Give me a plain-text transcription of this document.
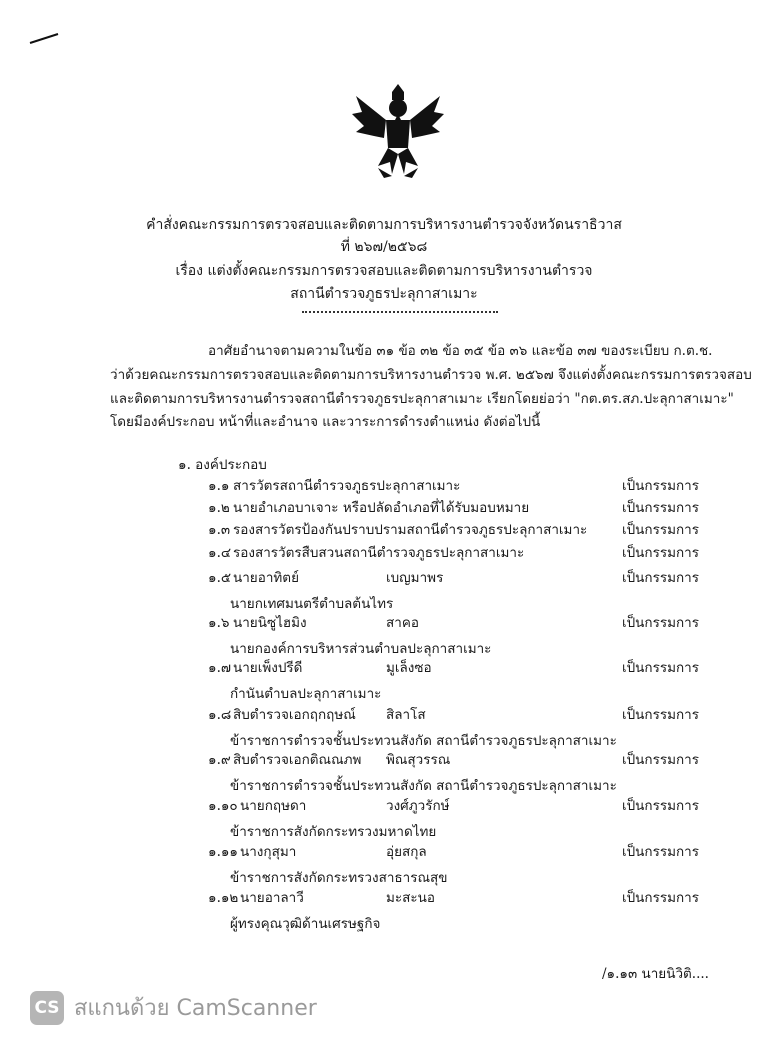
คำสั่งคณะกรรมการตรวจสอบและติดตามการบริหารงานตำรวจจังหวัดนราธิวาส
ที่ ๒๖๗/๒๕๖๘
เรื่อง แต่งตั้งคณะกรรมการตรวจสอบและติดตามการบริหารงานตำรวจ
สถานีตำรวจภูธรปะลุกาสาเมาะ
อาศัยอำนาจตามความในข้อ ๓๑ ข้อ ๓๒ ข้อ ๓๕ ข้อ ๓๖ และข้อ ๓๗ ของระเบียบ ก.ต.ช.
ว่าด้วยคณะกรรมการตรวจสอบและติดตามการบริหารงานตำรวจ พ.ศ. ๒๕๖๗ จึงแต่งตั้งคณะกรรมการตรวจสอบ
และติดตามการบริหารงานตำรวจสถานีตำรวจภูธรปะลุกาสาเมาะ เรียกโดยย่อว่า "กต.ตร.สภ.ปะลุกาสาเมาะ"
โดยมีองค์ประกอบ หน้าที่และอำนาจ และวาระการดำรงตำแหน่ง ดังต่อไปนี้
๑. องค์ประกอบ
๑.๑ สารวัตรสถานีตำรวจภูธรปะลุกาสาเมาะ	เป็นกรรมการ
๑.๒ นายอำเภอบาเจาะ หรือปลัดอำเภอที่ได้รับมอบหมาย	เป็นกรรมการ
๑.๓ รองสารวัตรป้องกันปราบปรามสถานีตำรวจภูธรปะลุกาสาเมาะ	เป็นกรรมการ
๑.๔ รองสารวัตรสืบสวนสถานีตำรวจภูธรปะลุกาสาเมาะ	เป็นกรรมการ
๑.๕ นายอาทิตย์	เบญมาพร	เป็นกรรมการ
นายกเทศมนตรีตำบลต้นไทร
๑.๖ นายนิซูไฮมิง	สาคอ	เป็นกรรมการ
นายกองค์การบริหารส่วนตำบลปะลุกาสาเมาะ
๑.๗ นายเพ็งปรีดี	มูเล็งซอ	เป็นกรรมการ
กำนันตำบลปะลุกาสาเมาะ
๑.๘ สิบตำรวจเอกฤกฤษณ์ สิลาโส	เป็นกรรมการ
ข้าราชการตำรวจชั้นประทวนสังกัด สถานีตำรวจภูธรปะลุกาสาเมาะ
๑.๙ สิบตำรวจเอกติณณภพ พิณสุวรรณ	เป็นกรรมการ
ข้าราชการตำรวจชั้นประทวนสังกัด สถานีตำรวจภูธรปะลุกาสาเมาะ
๑.๑๐ นายกฤษดา	วงศ์ภูวรักษ์	เป็นกรรมการ
ข้าราชการสังกัดกระทรวงมหาดไทย
๑.๑๑ นางกุสุมา	อุ่ยสกุล	เป็นกรรมการ
ข้าราชการสังกัดกระทรวงสาธารณสุข
๑.๑๒ นายอาลาวี	มะสะนอ	เป็นกรรมการ
ผู้ทรงคุณวุฒิด้านเศรษฐกิจ
/๑.๑๓ นายนิวิติ....
CS สแกนด้วย CamScanner
